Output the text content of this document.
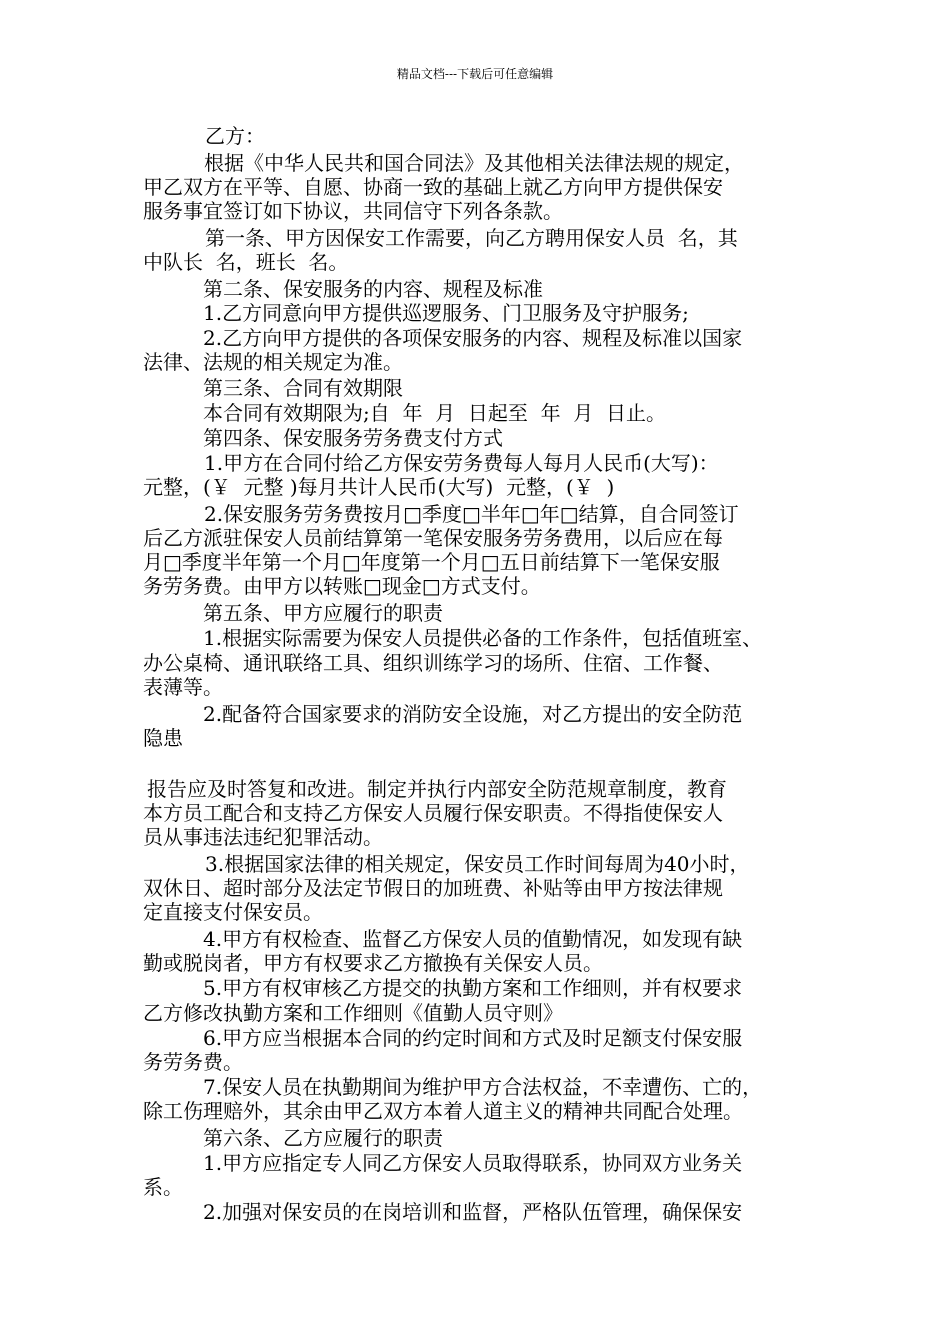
精品文档---下载后可任意编辑
乙方：
根据《中华人民共和国合同法》及其他相关法律法规的规定，
甲乙双方在平等、自愿、协商一致的基础上就乙方向甲方提供保安
服务事宜签订如下协议，共同信守下列各条款。
第一条、甲方因保安工作需要，向乙方聘用保安人员  名，其
中队长  名，班长  名。
第二条、保安服务的内容、规程及标准
1.乙方同意向甲方提供巡逻服务、门卫服务及守护服务;
2.乙方向甲方提供的各项保安服务的内容、规程及标准以国家
法律、法规的相关规定为准。
第三条、合同有效期限
本合同有效期限为;自  年  月  日起至  年  月  日止。
第四条、保安服务劳务费支付方式
1.甲方在合同付给乙方保安劳务费每人每月人民币(大写)：
元整，(￥  元整 )每月共计人民币(大写)  元整，(￥  )
2.保安服务劳务费按月□季度□半年□年□结算，自合同签订
后乙方派驻保安人员前结算第一笔保安服务劳务费用，以后应在每
月□季度半年第一个月□年度第一个月□五日前结算下一笔保安服
务劳务费。由甲方以转账□现金□方式支付。
第五条、甲方应履行的职责
1.根据实际需要为保安人员提供必备的工作条件，包括值班室、
办公桌椅、通讯联络工具、组织训练学习的场所、住宿、工作餐、
表薄等。
2.配备符合国家要求的消防安全设施，对乙方提出的安全防范
隐患
报告应及时答复和改进。制定并执行内部安全防范规章制度，教育
本方员工配合和支持乙方保安人员履行保安职责。不得指使保安人
员从事违法违纪犯罪活动。
3.根据国家法律的相关规定，保安员工作时间每周为40小时，
双休日、超时部分及法定节假日的加班费、补贴等由甲方按法律规
定直接支付保安员。
4.甲方有权检查、监督乙方保安人员的值勤情况，如发现有缺
勤或脱岗者，甲方有权要求乙方撤换有关保安人员。
5.甲方有权审核乙方提交的执勤方案和工作细则，并有权要求
乙方修改执勤方案和工作细则《值勤人员守则》
6.甲方应当根据本合同的约定时间和方式及时足额支付保安服
务劳务费。
7.保安人员在执勤期间为维护甲方合法权益，不幸遭伤、亡的，
除工伤理赔外，其余由甲乙双方本着人道主义的精神共同配合处理。
第六条、乙方应履行的职责
1.甲方应指定专人同乙方保安人员取得联系，协同双方业务关
系。
2.加强对保安员的在岗培训和监督，严格队伍管理，确保保安
